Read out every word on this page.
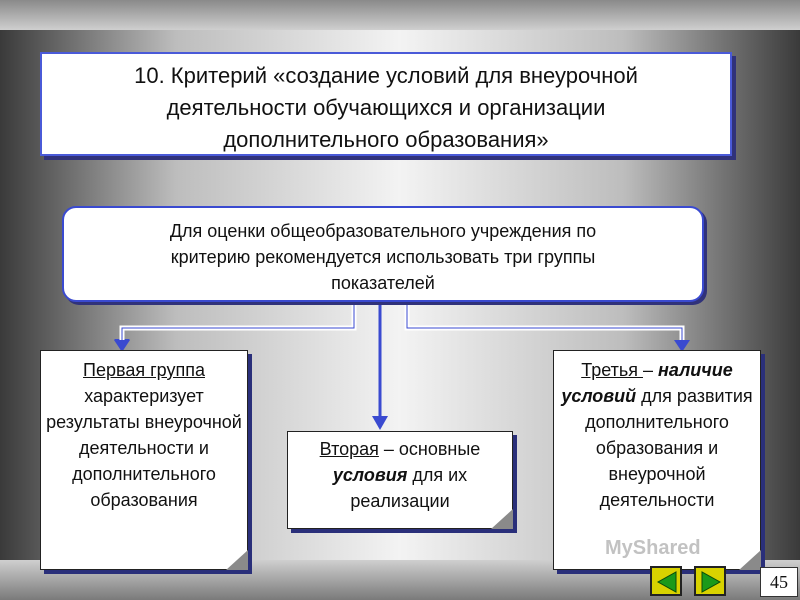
10. Критерий «создание условий для внеурочной
деятельности обучающихся и организации
дополнительного образования»
Для оценки общеобразовательного учреждения по
критерию рекомендуется использовать три группы
показателей
Первая группа
характеризует результаты внеурочной деятельности и дополнительного образования
Вторая – основные условия для их реализации
Третья – наличие условий для развития дополнительного образования и внеурочной деятельности
MyShared
45
